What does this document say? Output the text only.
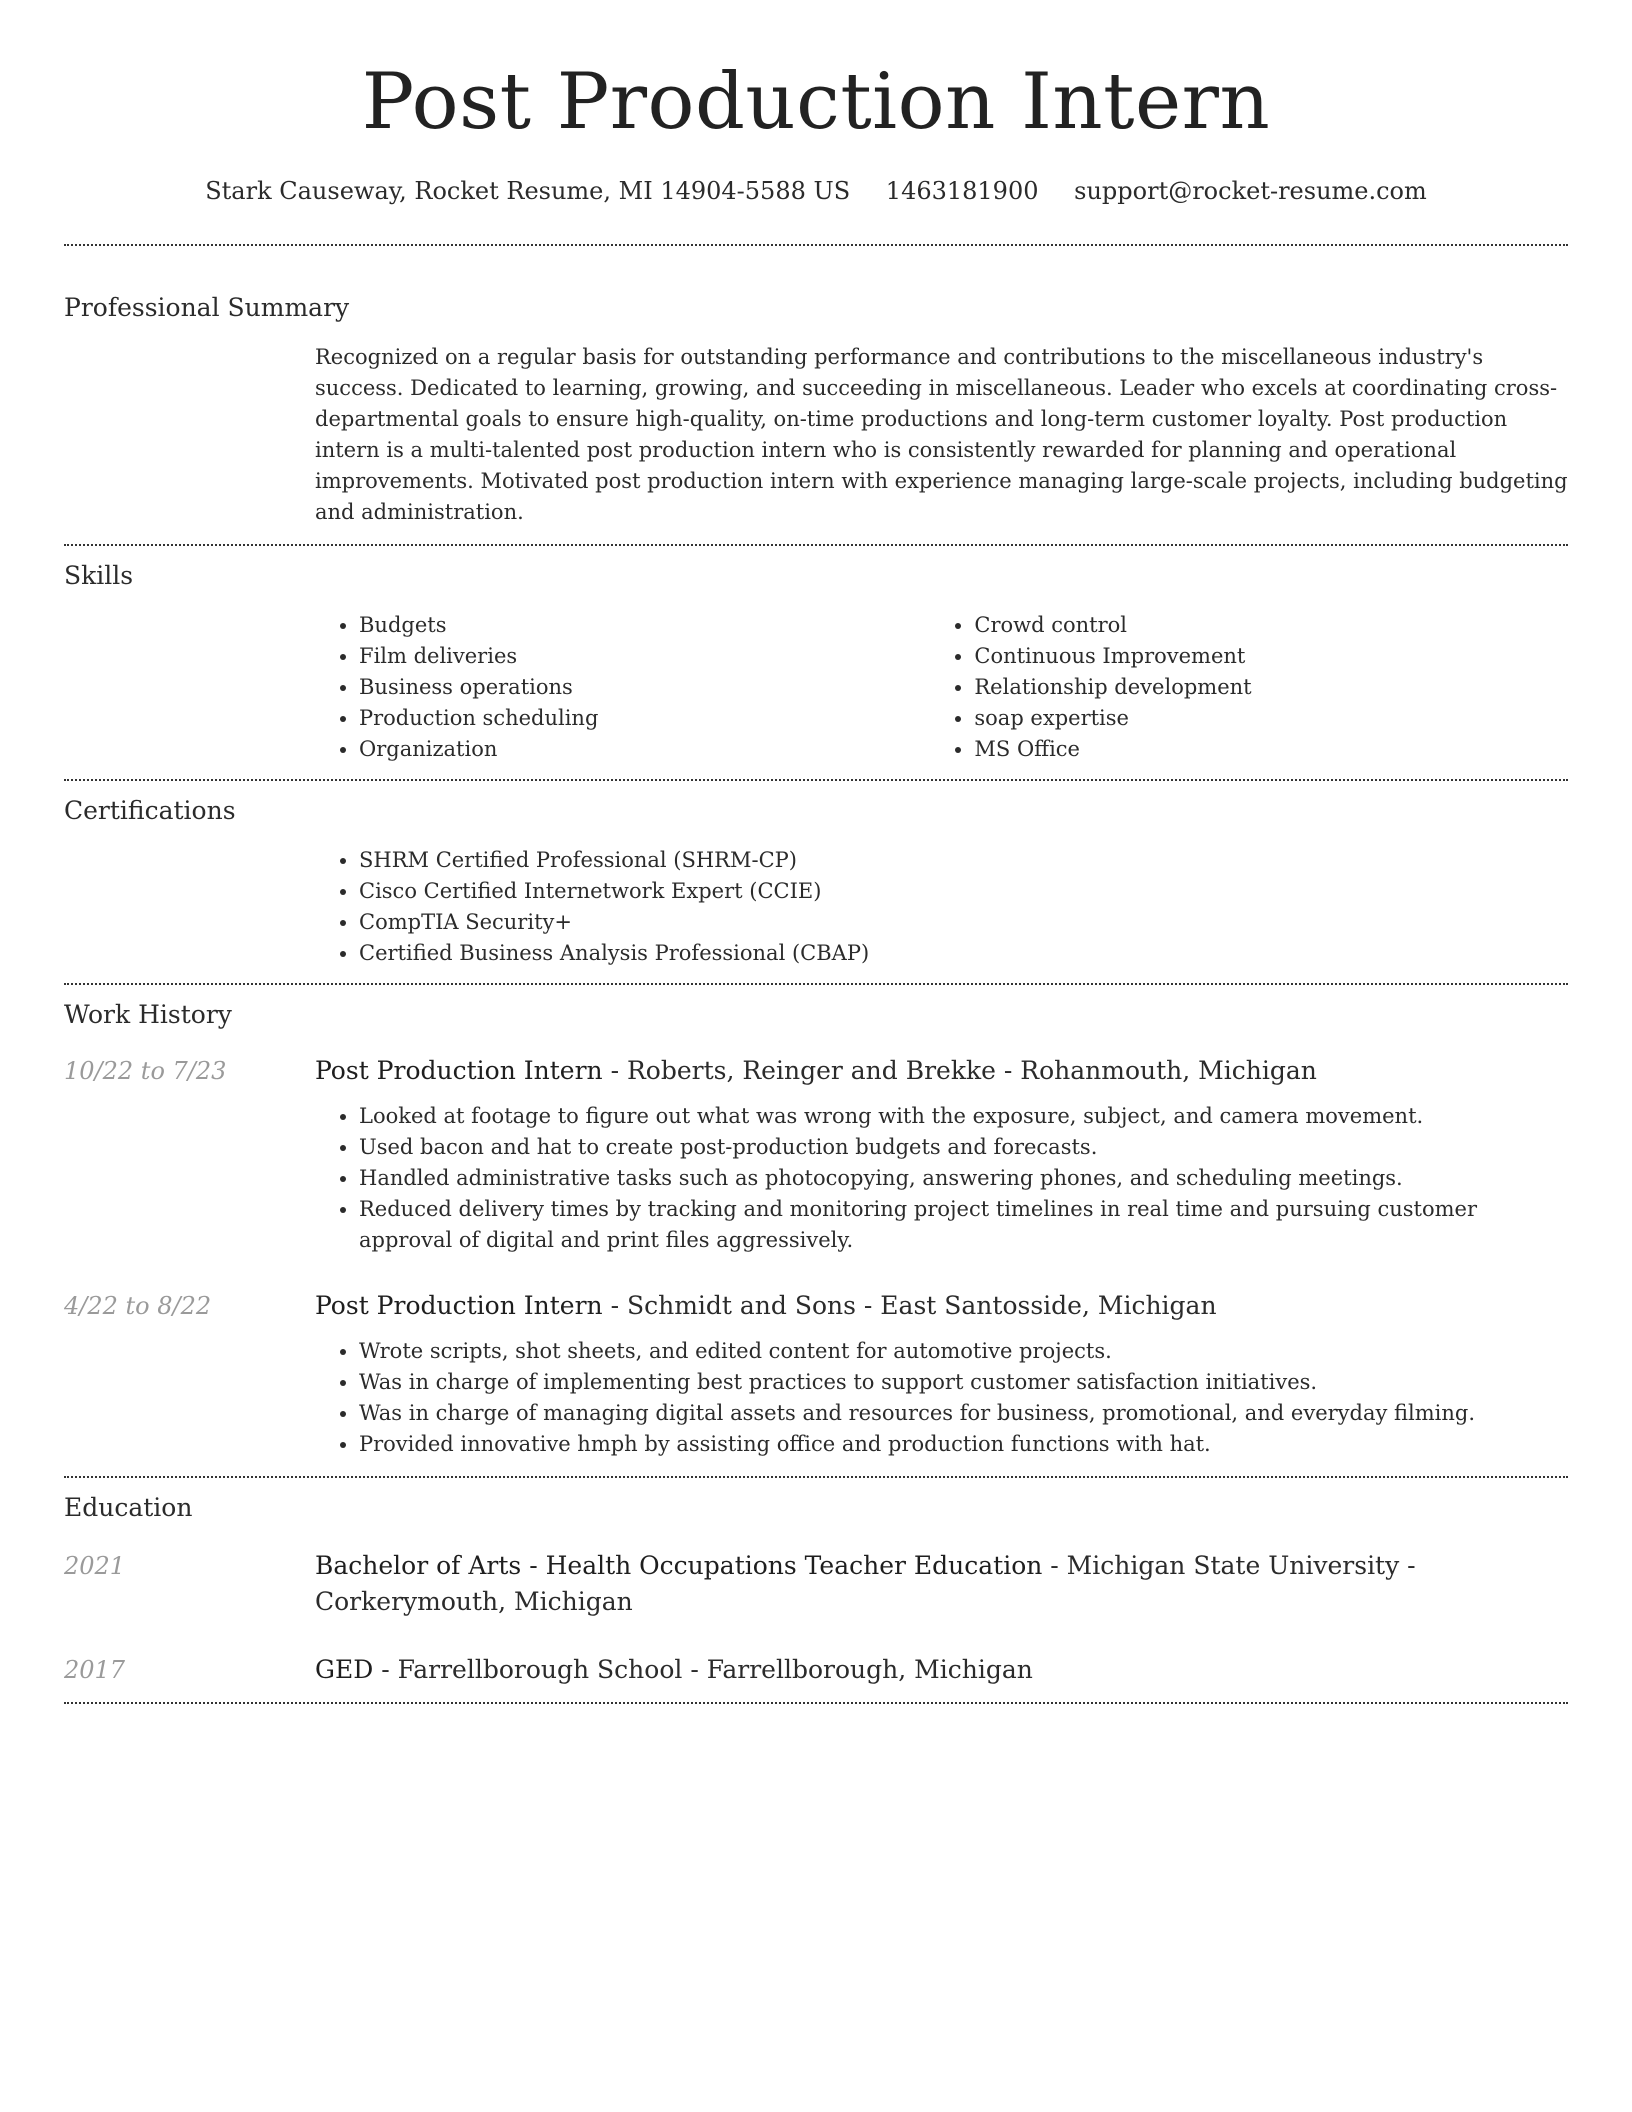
Post Production Intern
Stark Causeway, Rocket Resume, MI 14904-5588 US 1463181900 support@rocket-resume.com
Professional Summary
Recognized on a regular basis for outstanding performance and contributions to the miscellaneous industry's success. Dedicated to learning, growing, and succeeding in miscellaneous. Leader who excels at coordinating cross-departmental goals to ensure high-quality, on-time productions and long-term customer loyalty. Post production intern is a multi-talented post production intern who is consistently rewarded for planning and operational improvements. Motivated post production intern with experience managing large-scale projects, including budgeting and administration.
Skills
• Budgets
• Film deliveries
• Business operations
• Production scheduling
• Organization
• Crowd control
• Continuous Improvement
• Relationship development
• soap expertise
• MS Office
Certifications
• SHRM Certified Professional (SHRM-CP)
• Cisco Certified Internetwork Expert (CCIE)
• CompTIA Security+
• Certified Business Analysis Professional (CBAP)
Work History
10/22 to 7/23	Post Production Intern - Roberts, Reinger and Brekke - Rohanmouth, Michigan
• Looked at footage to figure out what was wrong with the exposure, subject, and camera movement.
• Used bacon and hat to create post-production budgets and forecasts.
• Handled administrative tasks such as photocopying, answering phones, and scheduling meetings.
• Reduced delivery times by tracking and monitoring project timelines in real time and pursuing customer approval of digital and print files aggressively.
4/22 to 8/22	Post Production Intern - Schmidt and Sons - East Santosside, Michigan
• Wrote scripts, shot sheets, and edited content for automotive projects.
• Was in charge of implementing best practices to support customer satisfaction initiatives.
• Was in charge of managing digital assets and resources for business, promotional, and everyday filming.
• Provided innovative hmph by assisting office and production functions with hat.
Education
2021	Bachelor of Arts - Health Occupations Teacher Education - Michigan State University - Corkerymouth, Michigan
2017	GED - Farrellborough School - Farrellborough, Michigan
